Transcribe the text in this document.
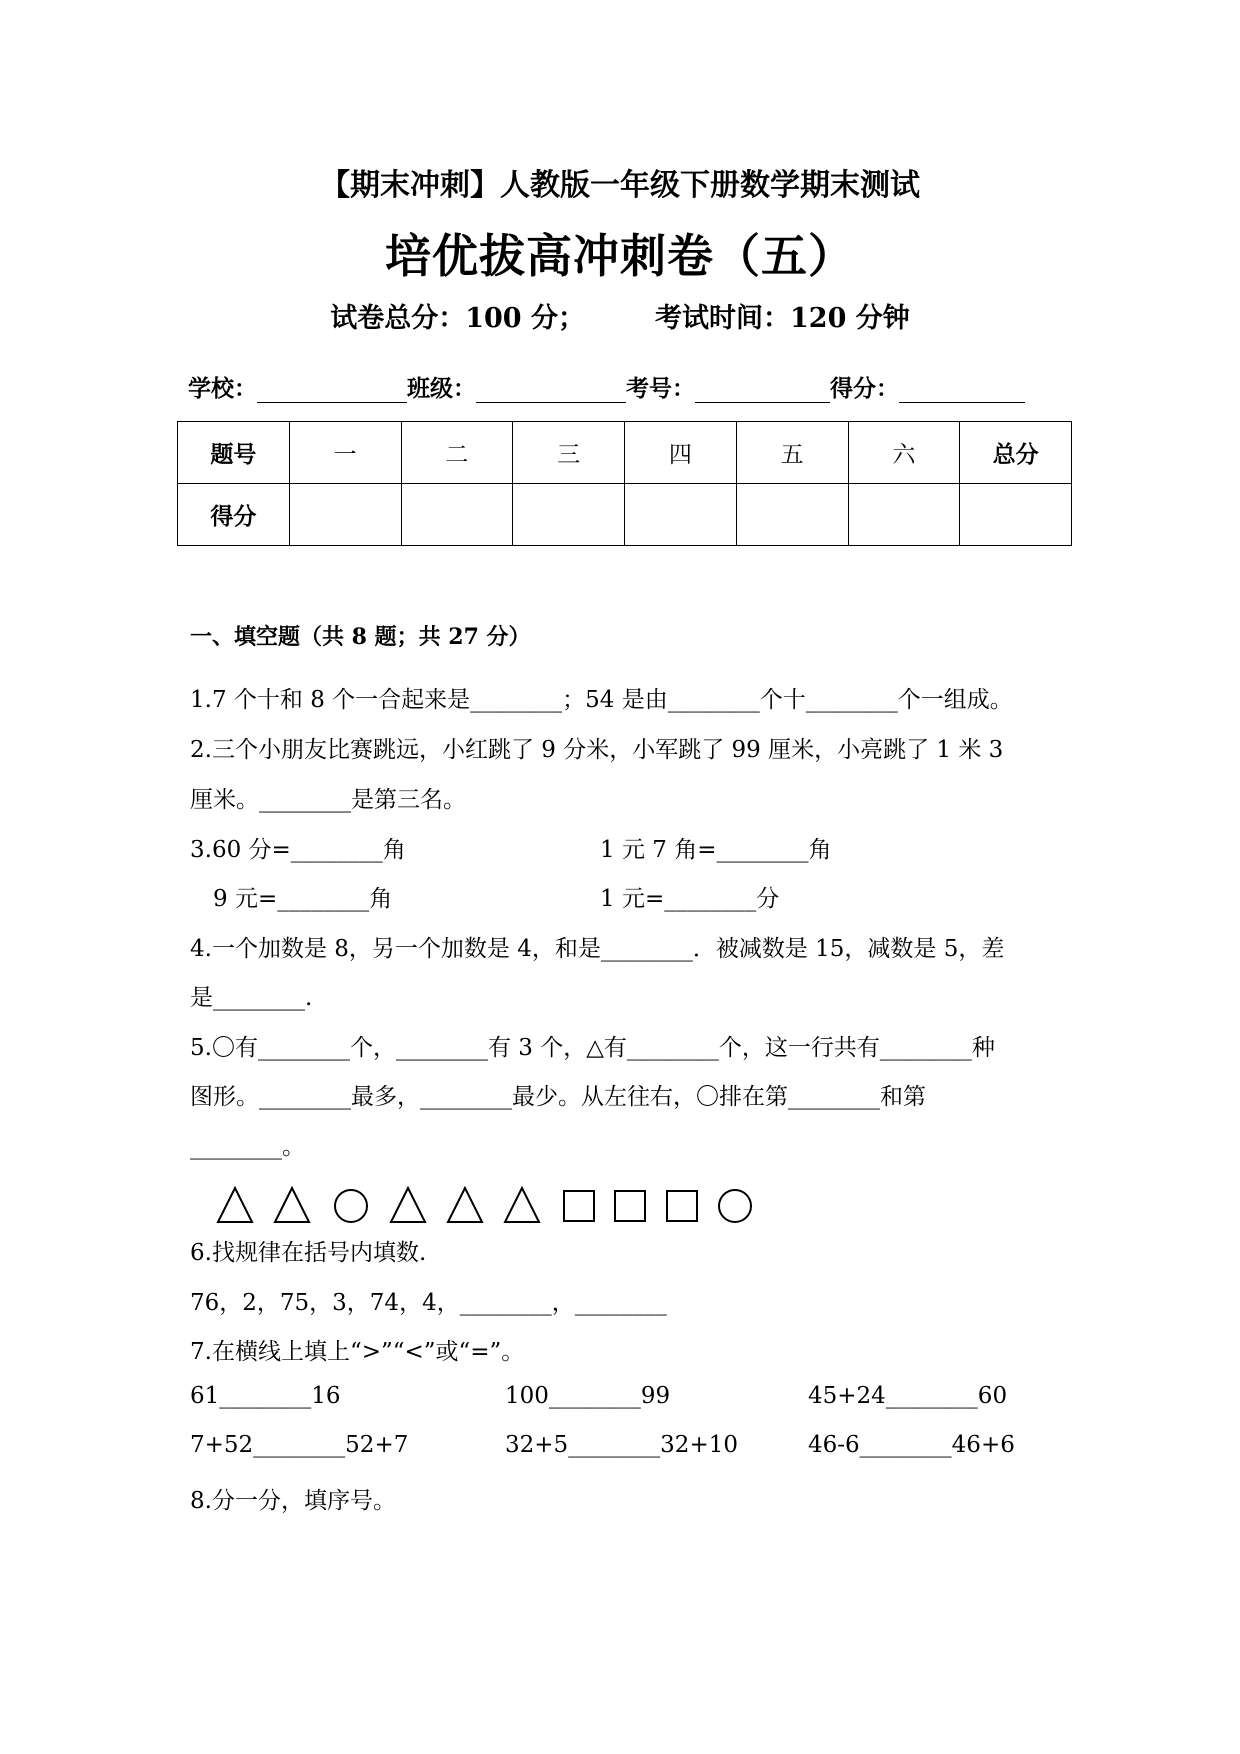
【期末冲刺】人教版一年级下册数学期末测试
培优拔高冲刺卷（五）
试卷总分：100 分；	考试时间：120 分钟
学校：	班级：	考号：	得分：
题号	一	二	三	四	五	六	总分
得分							
一、填空题（共 8 题；共 27 分）
1.7 个十和 8 个一合起来是________；54 是由________个十________个一组成。
2.三个小朋友比赛跳远，小红跳了 9 分米，小军跳了 99 厘米，小亮跳了 1 米 3
厘米。________是第三名。
3.60 分=________角	1 元 7 角=________角
9 元=________角	1 元=________分
4.一个加数是 8，另一个加数是 4，和是________．被减数是 15，减数是 5，差
是________.
5.〇有________个，________有 3 个，△有________个，这一行共有________种
图形。________最多，________最少。从左往右，〇排在第________和第
________。
6.找规律在括号内填数.
76，2，75，3，74，4，________，________
7.在横线上填上“>”“<”或“=”。
61________16	100________99	45+24________60
7+52________52+7	32+5________32+10	46-6________46+6
8.分一分，填序号。
